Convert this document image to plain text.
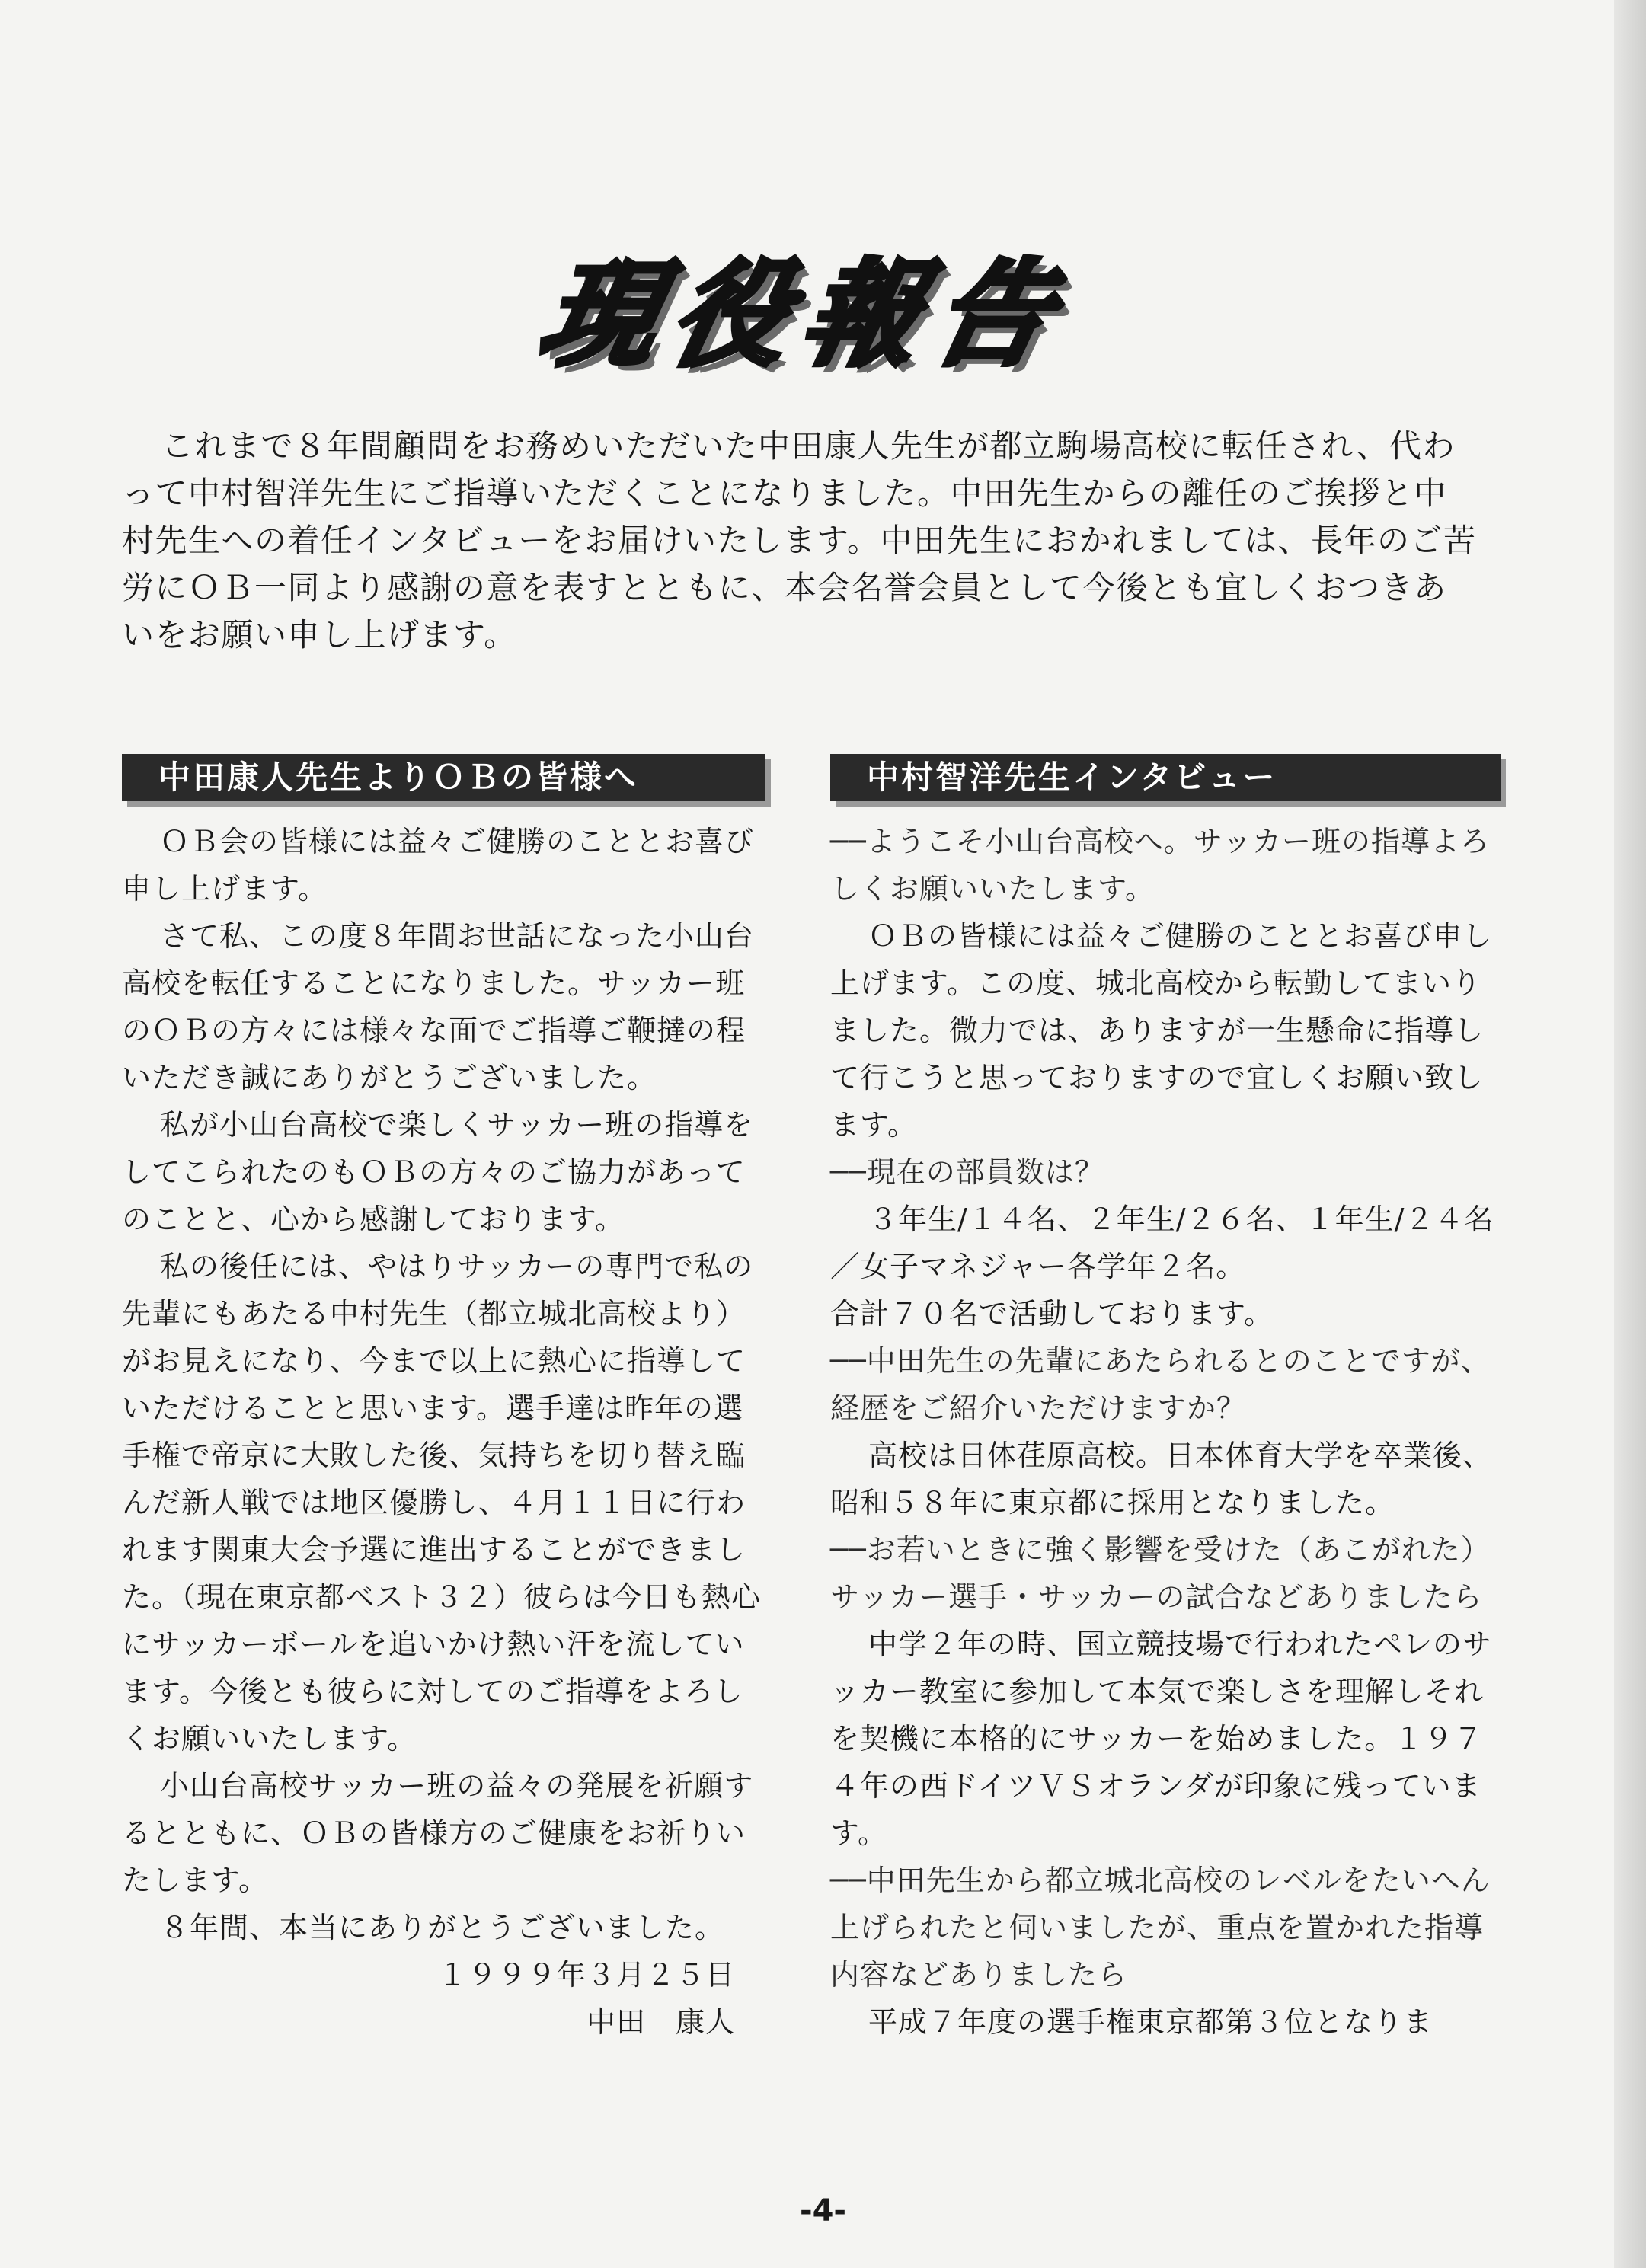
現役報告

これまで８年間顧問をお務めいただいた中田康人先生が都立駒場高校に転任され、代わって中村智洋先生にご指導いただくことになりました。中田先生からの離任のご挨拶と中村先生への着任インタビューをお届けいたします。中田先生におかれましては、長年のご苦労にＯＢ一同より感謝の意を表すとともに、本会名誉会員として今後とも宜しくおつきあいをお願い申し上げます。

中田康人先生よりＯＢの皆様へ

ＯＢ会の皆様には益々ご健勝のこととお喜び申し上げます。

さて私、この度８年間お世話になった小山台高校を転任することになりました。サッカー班のＯＢの方々には様々な面でご指導ご鞭撻の程いただき誠にありがとうございました。

私が小山台高校で楽しくサッカー班の指導をしてこられたのもＯＢの方々のご協力があってのことと、心から感謝しております。

私の後任には、やはりサッカーの専門で私の先輩にもあたる中村先生（都立城北高校より）がお見えになり、今まで以上に熱心に指導していただけることと思います。選手達は昨年の選手権で帝京に大敗した後、気持ちを切り替え臨んだ新人戦では地区優勝し、４月１１日に行われます関東大会予選に進出することができました。（現在東京都ベスト３２）彼らは今日も熱心にサッカーボールを追いかけ熱い汗を流しています。今後とも彼らに対してのご指導をよろしくお願いいたします。

小山台高校サッカー班の益々の発展を祈願するとともに、ＯＢの皆様方のご健康をお祈りいたします。

８年間、本当にありがとうございました。

１９９９年３月２５日

中田　康人

中村智洋先生インタビュー

──ようこそ小山台高校へ。サッカー班の指導よろしくお願いいたします。

ＯＢの皆様には益々ご健勝のこととお喜び申し上げます。この度、城北高校から転勤してまいりました。微力では、ありますが一生懸命に指導して行こうと思っておりますので宜しくお願い致します。

──現在の部員数は？

３年生/１４名、２年生/２６名、１年生/２４名／女子マネジャー各学年２名。

合計７０名で活動しております。

──中田先生の先輩にあたられるとのことですが、経歴をご紹介いただけますか？

高校は日体荏原高校。日本体育大学を卒業後、昭和５８年に東京都に採用となりました。

──お若いときに強く影響を受けた（あこがれた）サッカー選手・サッカーの試合などありましたら

中学２年の時、国立競技場で行われたペレのサッカー教室に参加して本気で楽しさを理解しそれを契機に本格的にサッカーを始めました。１９７４年の西ドイツＶＳオランダが印象に残っています。

──中田先生から都立城北高校のレベルをたいへん上げられたと伺いましたが、重点を置かれた指導内容などありましたら

平成７年度の選手権東京都第３位となりま

-4-
